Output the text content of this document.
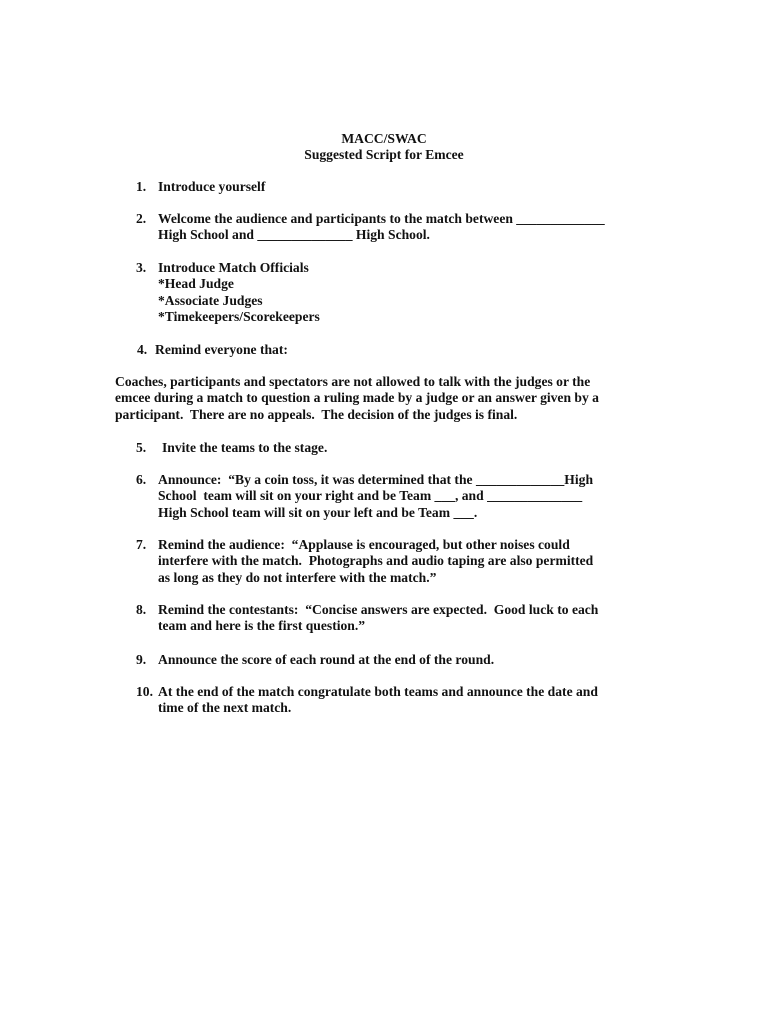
MACC/SWAC
Suggested Script for Emcee
1. Introduce yourself
2. Welcome the audience and participants to the match between _____________
High School and ______________ High School.
3. Introduce Match Officials
*Head Judge
*Associate Judges
*Timekeepers/Scorekeepers
4. Remind everyone that:
Coaches, participants and spectators are not allowed to talk with the judges or the
emcee during a match to question a ruling made by a judge or an answer given by a
participant.  There are no appeals.  The decision of the judges is final.
5. Invite the teams to the stage.
6. Announce:  “By a coin toss, it was determined that the _____________High
School  team will sit on your right and be Team ___, and ______________
High School team will sit on your left and be Team ___.
7. Remind the audience:  “Applause is encouraged, but other noises could
interfere with the match.  Photographs and audio taping are also permitted
as long as they do not interfere with the match.”
8. Remind the contestants:  “Concise answers are expected.  Good luck to each
team and here is the first question.”
9. Announce the score of each round at the end of the round.
10. At the end of the match congratulate both teams and announce the date and
time of the next match.
